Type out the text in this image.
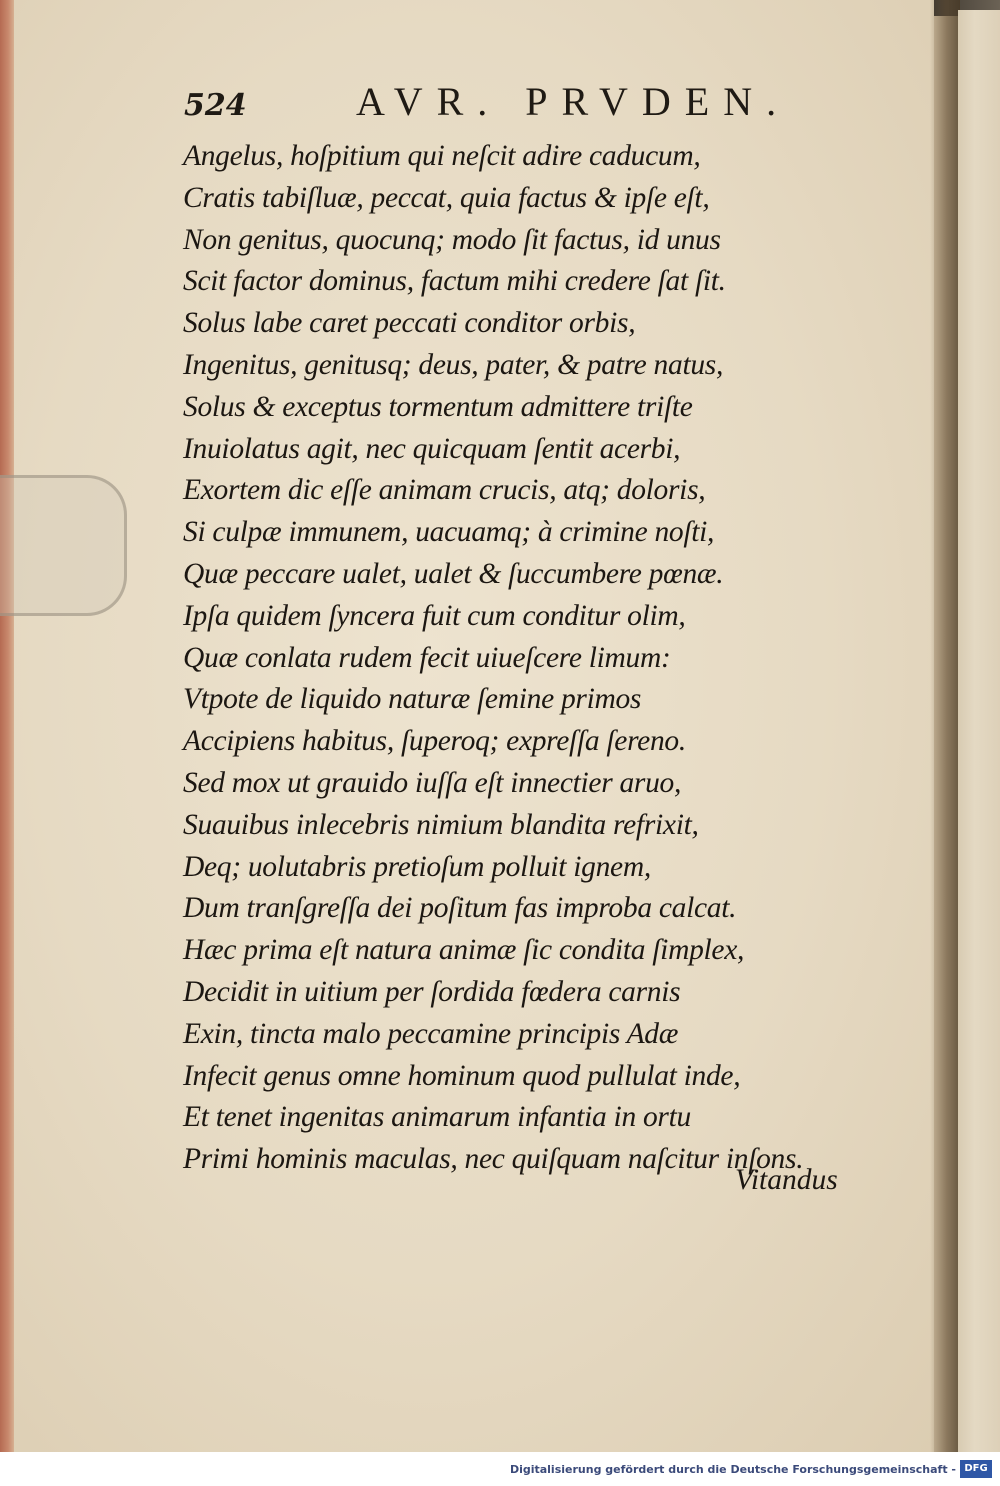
524	AVR. PRVDEN.
Angelus, hoſpitium qui neſcit adire caducum,
Cratis tabiſluæ, peccat, quia factus & ipſe eſt,
Non genitus, quocunq; modo ſit factus, id unus
Scit factor dominus, factum mihi credere ſat ſit.
Solus labe caret peccati conditor orbis,
Ingenitus, genitusq; deus, pater, & patre natus,
Solus & exceptus tormentum admittere triſte
Inuiolatus agit, nec quicquam ſentit acerbi,
Exortem dic eſſe animam crucis, atq; doloris,
Si culpæ immunem, uacuamq; à crimine noſti,
Quæ peccare ualet, ualet & ſuccumbere pœnæ.
Ipſa quidem ſyncera fuit cum conditur olim,
Quæ conlata rudem fecit uiueſcere limum:
Vtpote de liquido naturæ ſemine primos
Accipiens habitus, ſuperoq; expreſſa ſereno.
Sed mox ut grauido iuſſa eſt innectier aruo,
Suauibus inlecebris nimium blandita refrixit,
Deq; uolutabris pretioſum polluit ignem,
Dum tranſgreſſa dei poſitum fas improba calcat.
Hæc prima eſt natura animæ ſic condita ſimplex,
Decidit in uitium per ſordida fœdera carnis
Exin, tincta malo peccamine principis Adæ
Infecit genus omne hominum quod pullulat inde,
Et tenet ingenitas animarum infantia in ortu
Primi hominis maculas, nec quiſquam naſcitur inſons.
Vitandus
Digitalisierung gefördert durch die Deutsche Forschungsgemeinschaft - DFG
